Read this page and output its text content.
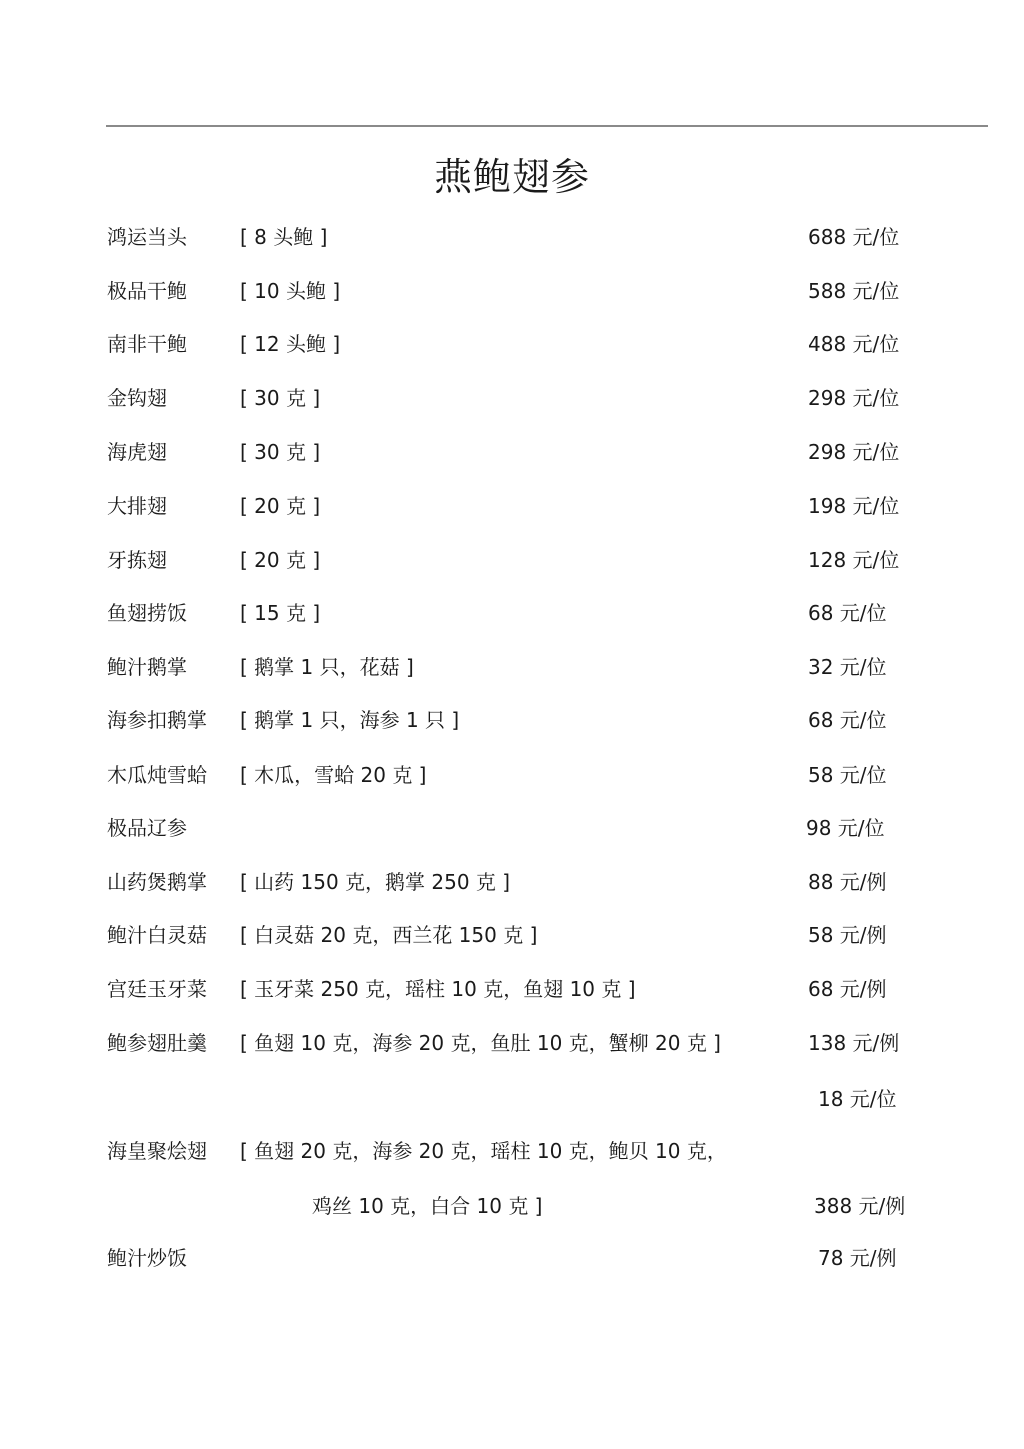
燕鲍翅参
鸿运当头	[ 8 头鲍 ]	688 元/位
极品干鲍	[ 10 头鲍 ]	588 元/位
南非干鲍	[ 12 头鲍 ]	488 元/位
金钩翅	[ 30 克 ]	298 元/位
海虎翅	[ 30 克 ]	298 元/位
大排翅	[ 20 克 ]	198 元/位
牙拣翅	[ 20 克 ]	128 元/位
鱼翅捞饭	[ 15 克 ]	68 元/位
鲍汁鹅掌	[ 鹅掌 1 只，花菇 ]	32 元/位
海参扣鹅掌 [ 鹅掌 1 只，海参 1 只 ]	68 元/位
木瓜炖雪蛤 [ 木瓜，雪蛤 20 克 ]	58 元/位
极品辽参	98 元/位
山药煲鹅掌 [ 山药 150 克，鹅掌 250 克 ]	88 元/例
鲍汁白灵菇 [ 白灵菇 20 克，西兰花 150 克 ]	58 元/例
宫廷玉牙菜 [ 玉牙菜 250 克，瑶柱 10 克，鱼翅 10 克 ]	68 元/例
鲍参翅肚羹 [ 鱼翅 10 克，海参 20 克，鱼肚 10 克，蟹柳 20 克 ]	138 元/例
18 元/位
海皇聚烩翅 [ 鱼翅 20 克，海参 20 克，瑶柱 10 克，鲍贝 10 克，
鸡丝 10 克，白合 10 克 ]	388 元/例
鲍汁炒饭	78 元/例
